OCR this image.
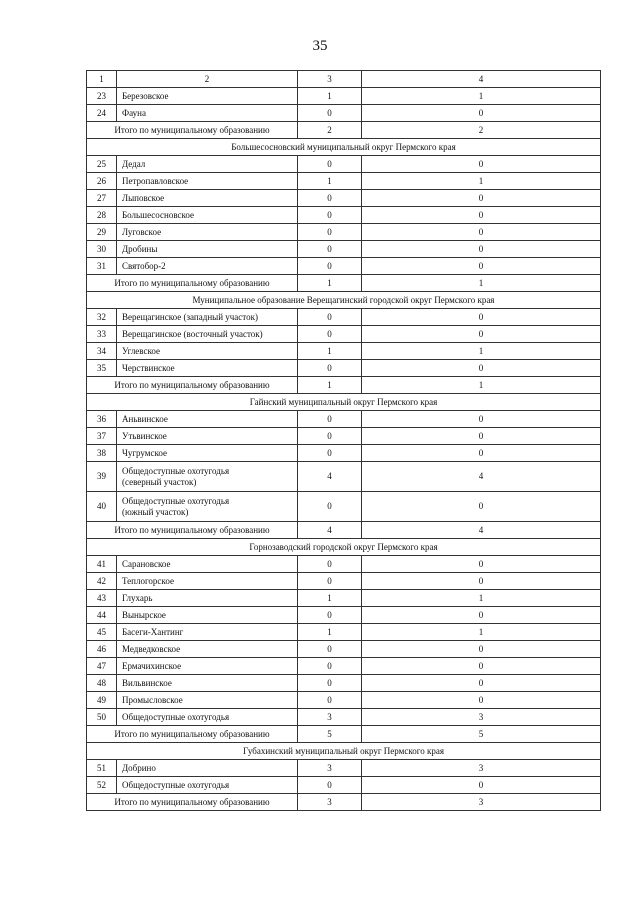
35
1	2	3	4
23	Березовское	1	1
24	Фауна	0	0
Итого по муниципальному образованию		2	2
Большесосновский муниципальный округ Пермского края			
25	Дедал	0	0
26	Петропавловское	1	1
27	Лыповское	0	0
28	Большесосновское	0	0
29	Луговское	0	0
30	Дробины	0	0
31	Святобор-2	0	0
Итого по муниципальному образованию		1	1
Муниципальное образование Верещагинский городской округ Пермского края			
32	Верещагинское (западный участок)	0	0
33	Верещагинское (восточный участок)	0	0
34	Углевское	1	1
35	Черствинское	0	0
Итого по муниципальному образованию		1	1
Гайнский муниципальный округ Пермского края			
36	Аньвинское	0	0
37	Утьвинское	0	0
38	Чугрумское	0	0
39	Общедоступные охотугодья
(северный участок)	4	4
40	Общедоступные охотугодья
(южный участок)	0	0
Итого по муниципальному образованию		4	4
Горнозаводский городской округ Пермского края			
41	Сарановское	0	0
42	Теплогорское	0	0
43	Глухарь	1	1
44	Вынырское	0	0
45	Басеги-Хантинг	1	1
46	Медведковское	0	0
47	Ермачихинское	0	0
48	Вильвинское	0	0
49	Промысловское	0	0
50	Общедоступные охотугодья	3	3
Итого по муниципальному образованию		5	5
Губахинский муниципальный округ Пермского края			
51	Добрино	3	3
52	Общедоступные охотугодья	0	0
Итого по муниципальному образованию		3	3
